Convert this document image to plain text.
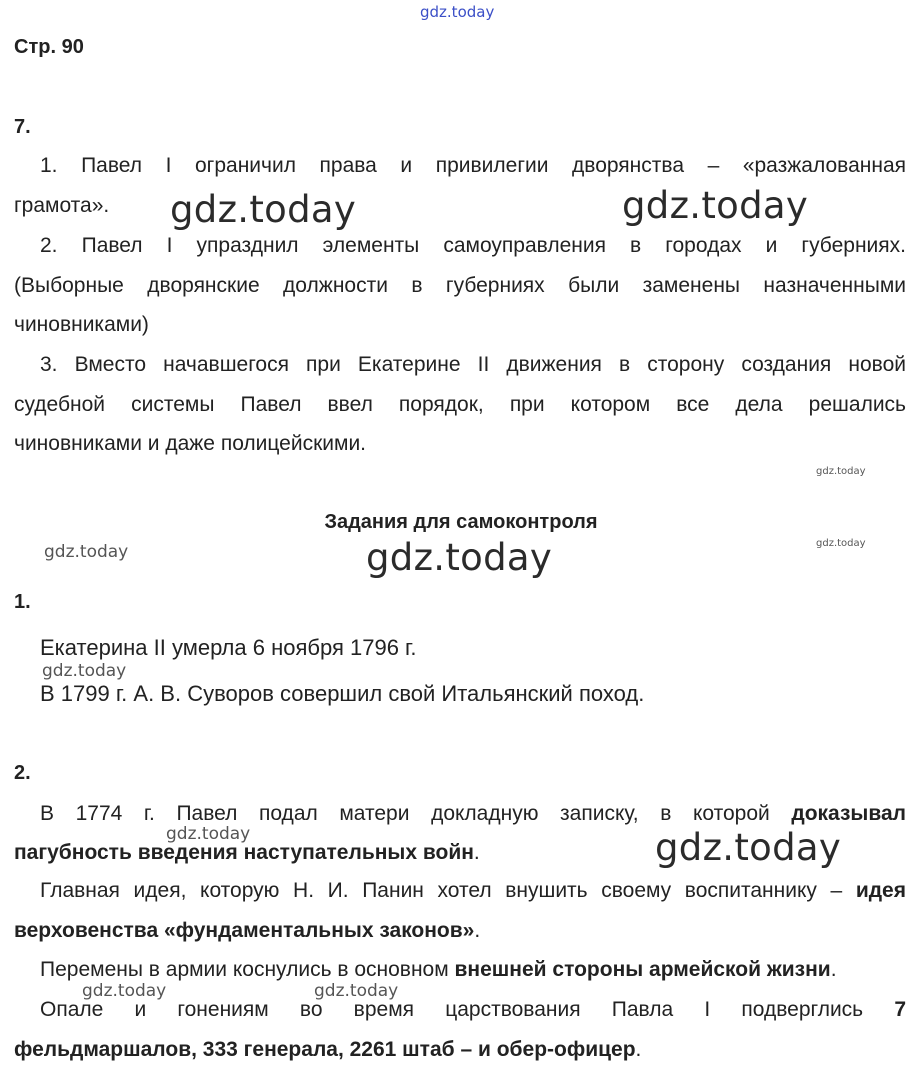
gdz.today
Стр. 90
7.
1. Павел I ограничил права и привилегии дворянства – «разжалованная
грамота».
2. Павел I упразднил элементы самоуправления в городах и губерниях.
(Выборные дворянские должности в губерниях были заменены назначенными
чиновниками)
3. Вместо начавшегося при Екатерине II движения в сторону создания новой
судебной системы Павел ввел порядок, при котором все дела решались
чиновниками и даже полицейскими.
Задания для самоконтроля
1.
Екатерина II умерла 6 ноября 1796 г.
В 1799 г. А. В. Суворов совершил свой Итальянский поход.
2.
В 1774 г. Павел подал матери докладную записку, в которой доказывал
пагубность введения наступательных войн.
Главная идея, которую Н. И. Панин хотел внушить своему воспитаннику – идея
верховенства «фундаментальных законов».
Перемены в армии коснулись в основном внешней стороны армейской жизни.
Опале и гонениям во время царствования Павла I подверглись 7
фельдмаршалов, 333 генерала, 2261 штаб – и обер-офицер.
gdz.today	gdz.today
gdz.today
gdz.today
gdz.today
gdz.today
gdz.today
gdz.today	gdz.today
gdz.today
gdz.today
